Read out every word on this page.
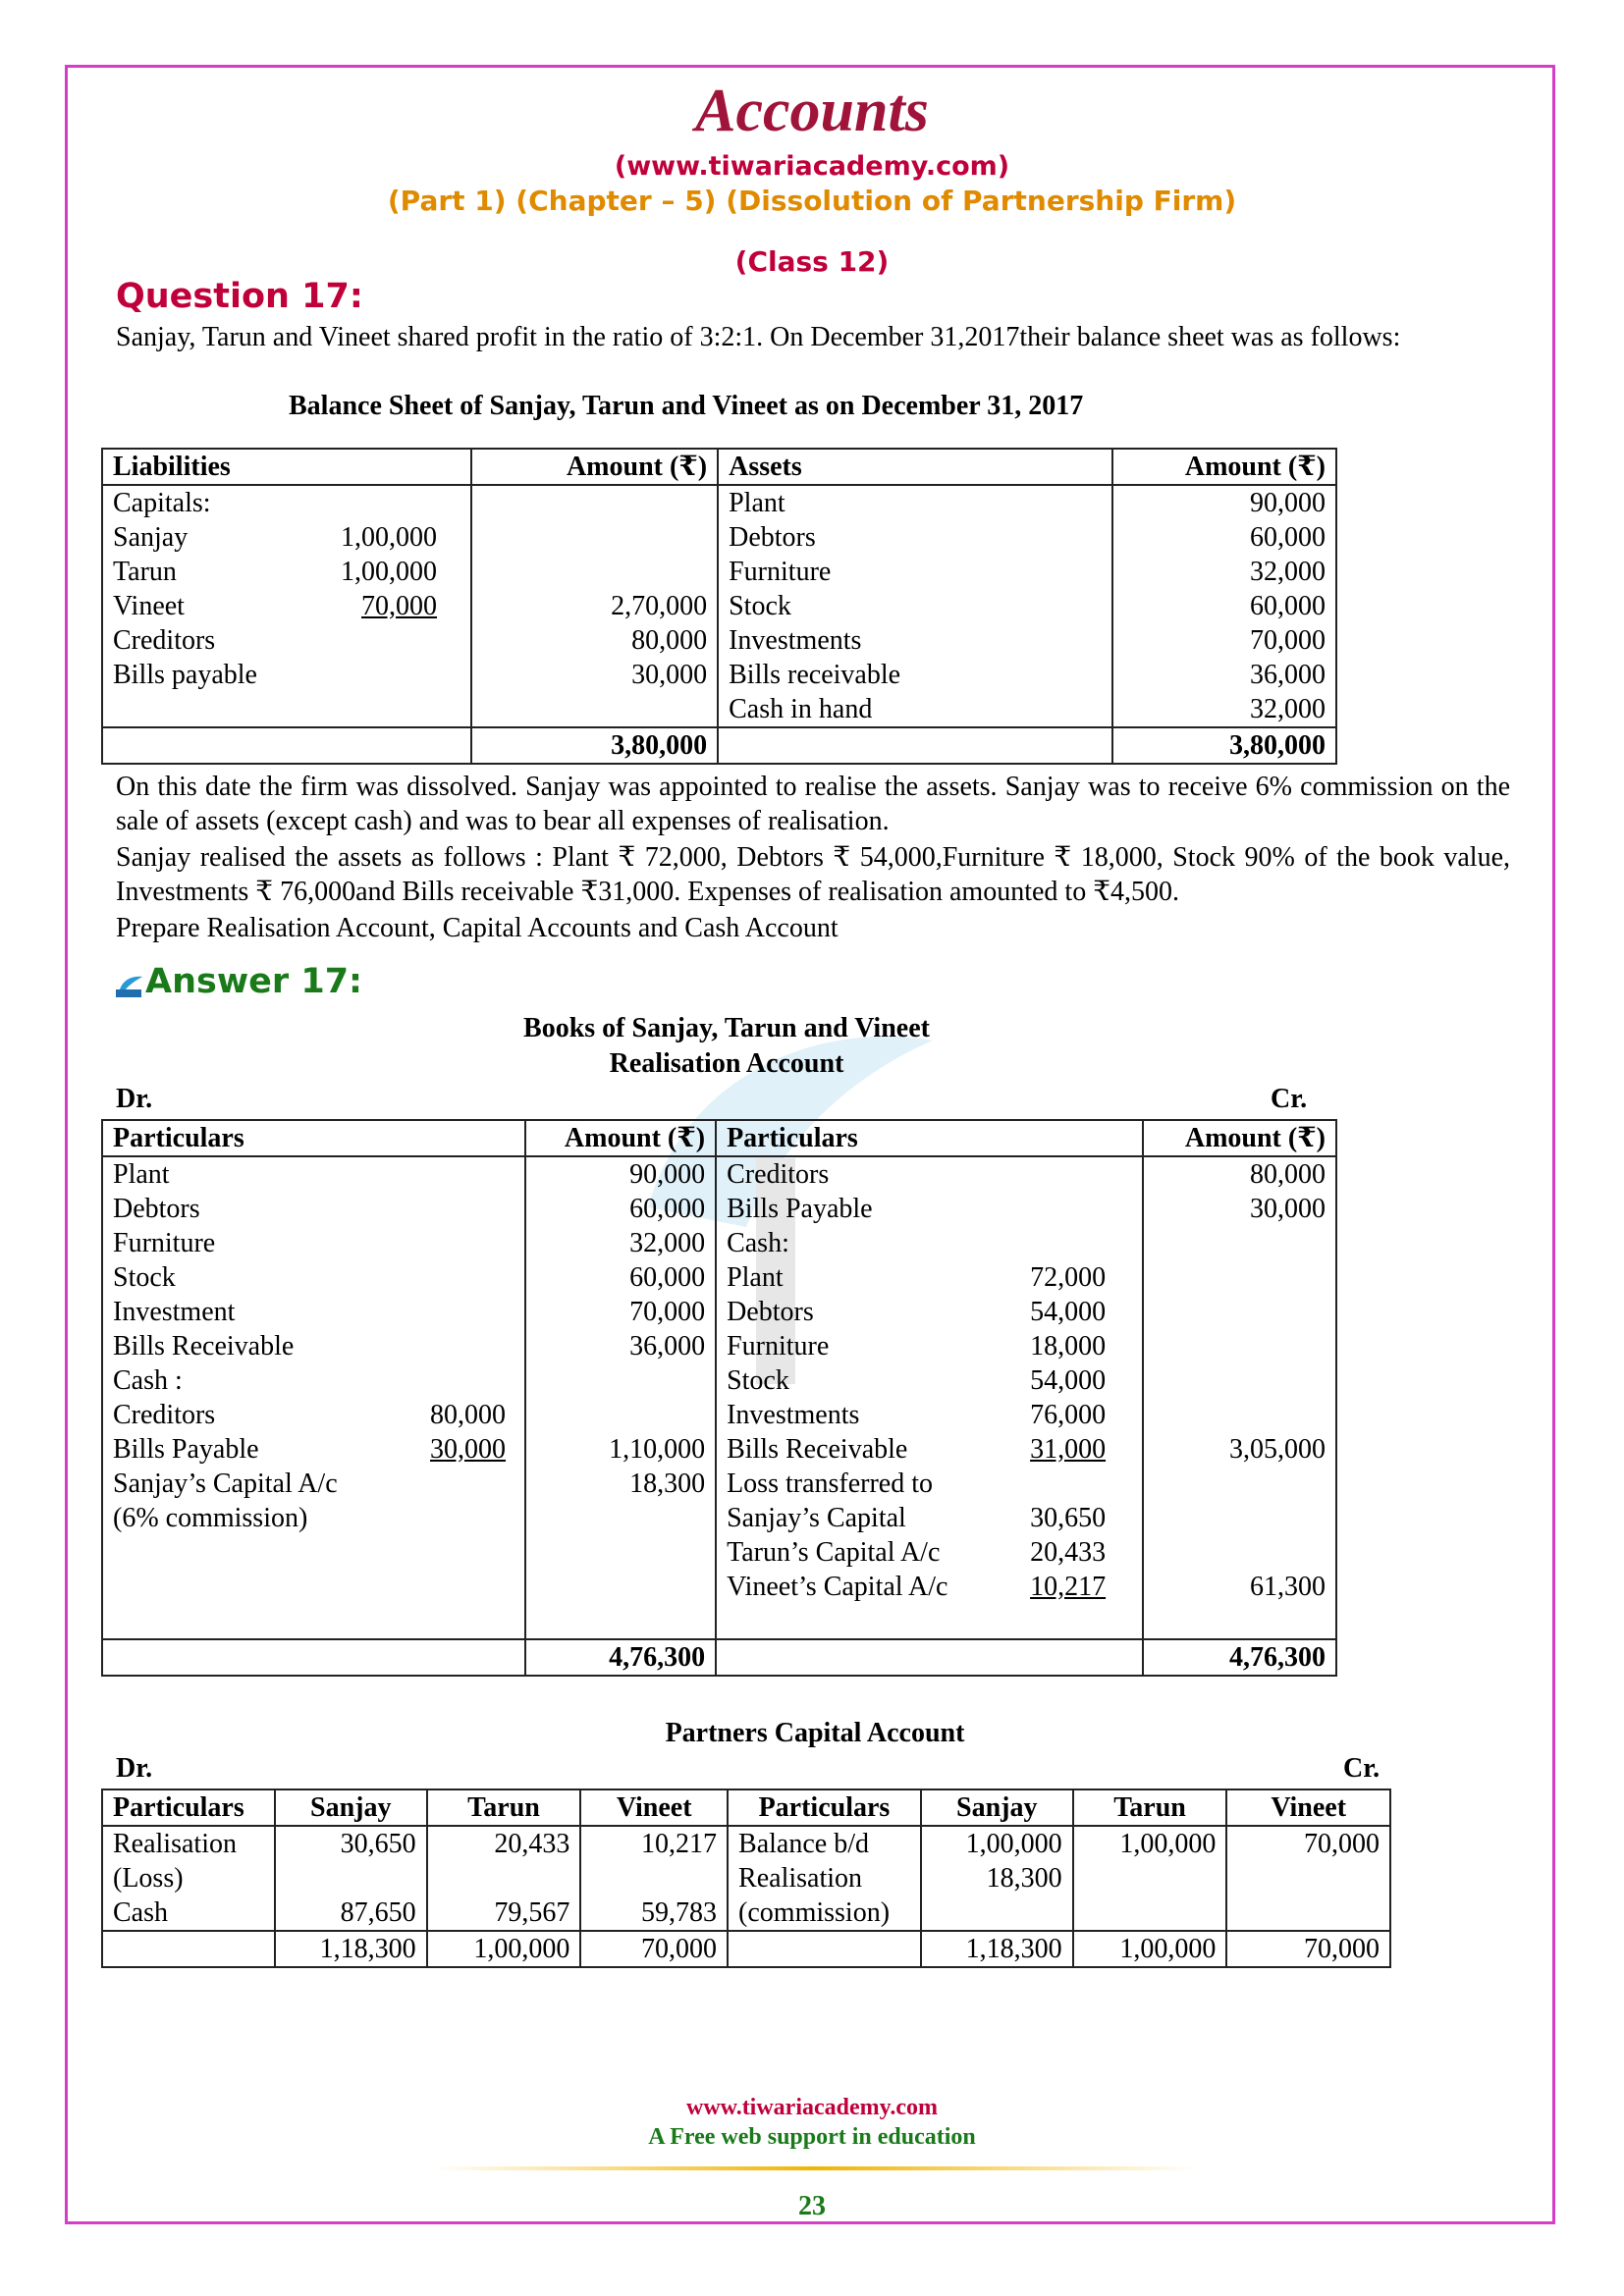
Accounts
(www.tiwariacademy.com)
(Part 1) (Chapter – 5) (Dissolution of Partnership Firm)
(Class 12)
Question 17:
Sanjay, Tarun and Vineet shared profit in the ratio of 3:2:1. On December 31,2017their balance sheet was as follows:
Balance Sheet of Sanjay, Tarun and Vineet as on December 31, 2017
Liabilities	Amount (₹)	Assets	Amount (₹)
Capitals:		Plant	90,000
Sanjay 1,00,000		Debtors	60,000
Tarun 1,00,000		Furniture	32,000
Vineet 70,000	2,70,000	Stock	60,000
Creditors	80,000	Investments	70,000
Bills payable	30,000	Bills receivable	36,000
		Cash in hand	32,000
	3,80,000		3,80,000
On this date the firm was dissolved. Sanjay was appointed to realise the assets. Sanjay was to receive 6% commission on the sale of assets (except cash) and was to bear all expenses of realisation.
Sanjay realised the assets as follows : Plant ₹ 72,000, Debtors ₹ 54,000,Furniture ₹ 18,000, Stock 90% of the book value, Investments ₹ 76,000and Bills receivable ₹31,000. Expenses of realisation amounted to ₹4,500.
Prepare Realisation Account, Capital Accounts and Cash Account
Answer 17:
Books of Sanjay, Tarun and Vineet
Realisation Account
Dr.	Cr.
Particulars	Amount (₹)	Particulars	Amount (₹)
Plant	90,000	Creditors	80,000
Debtors	60,000	Bills Payable	30,000
Furniture	32,000	Cash:	
Stock	60,000	Plant 72,000	
Investment	70,000	Debtors 54,000	
Bills Receivable	36,000	Furniture 18,000	
Cash :		Stock 54,000	
Creditors 80,000		Investments 76,000	
Bills Payable 30,000	1,10,000	Bills Receivable 31,000	3,05,000
Sanjay’s Capital A/c	18,300	Loss transferred to	
(6% commission)		Sanjay’s Capital 30,650	
		Tarun’s Capital A/c 20,433	
		Vineet’s Capital A/c 10,217	61,300

	4,76,300		4,76,300
Partners Capital Account
Dr.	Cr.
Particulars	Sanjay	Tarun	Vineet	Particulars	Sanjay	Tarun	Vineet
Realisation	30,650	20,433	10,217	Balance b/d	1,00,000	1,00,000	70,000
(Loss)				Realisation	18,300		
Cash	87,650	79,567	59,783	(commission)			
	1,18,300	1,00,000	70,000		1,18,300	1,00,000	70,000
www.tiwariacademy.com
A Free web support in education
23
